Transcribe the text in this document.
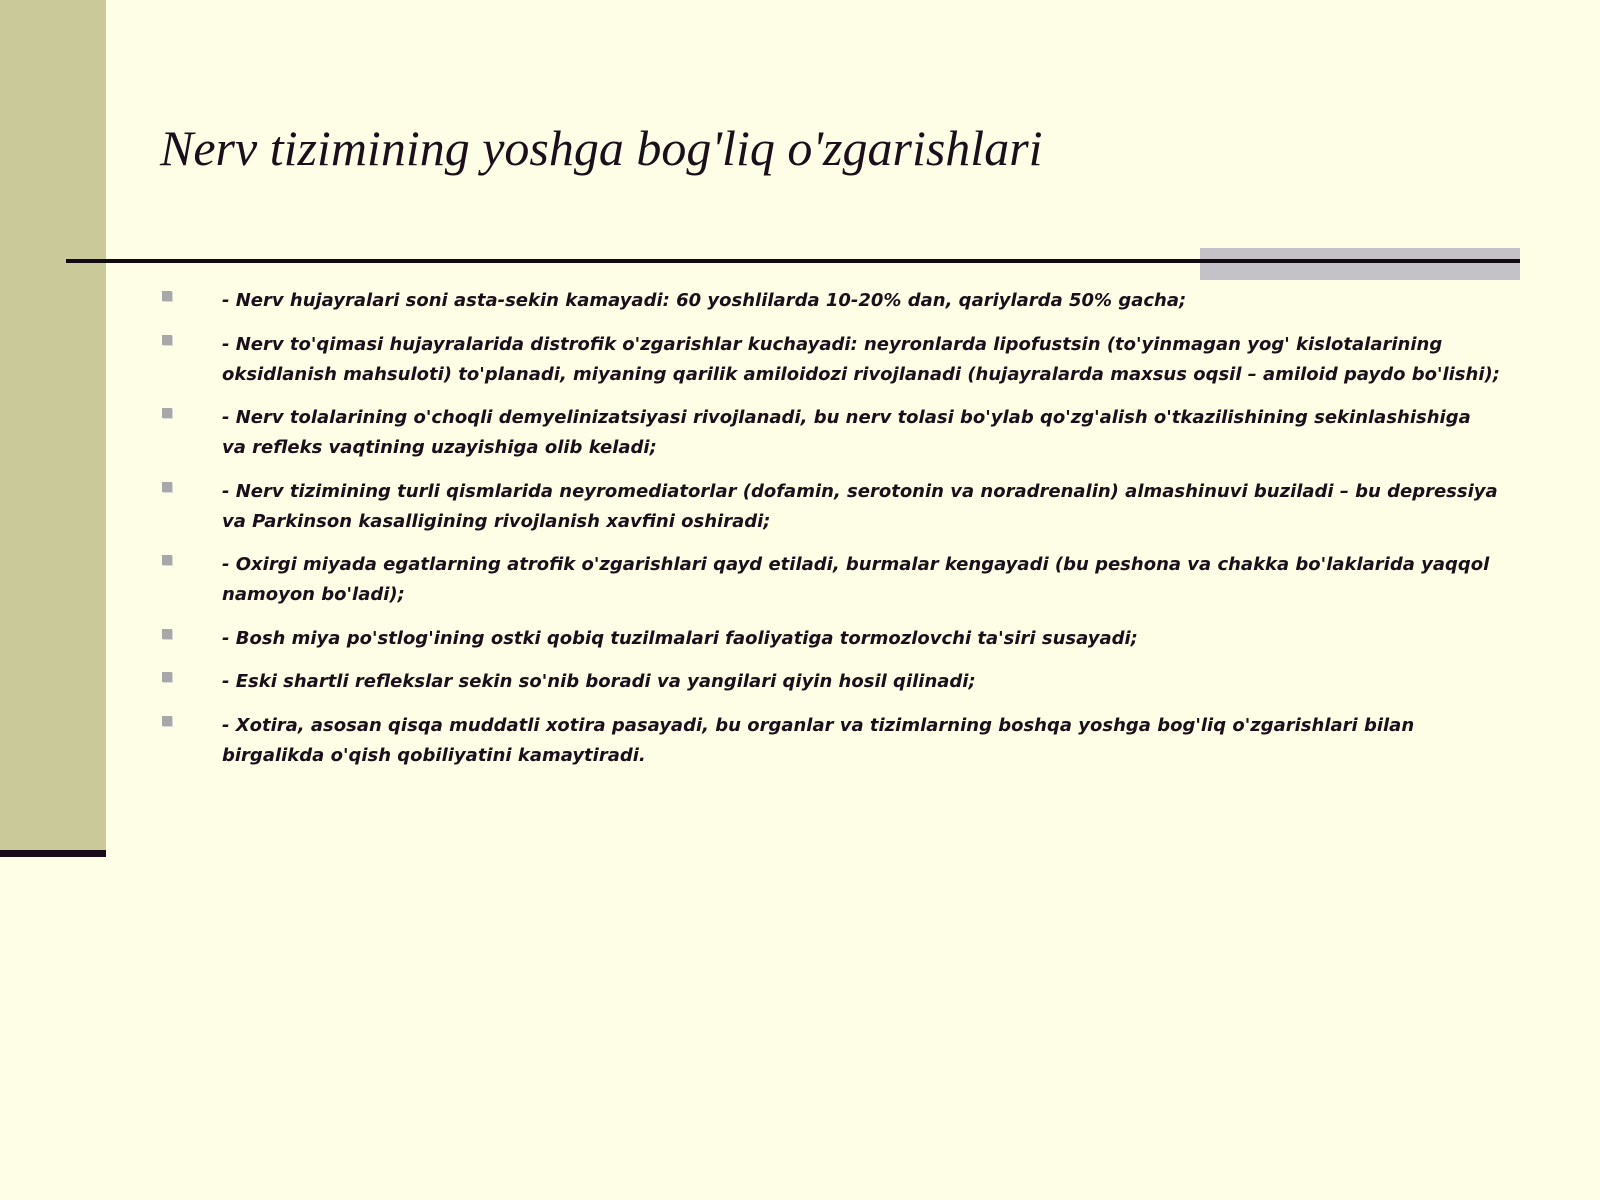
Nerv tizimining yoshga bog'liq o'zgarishlari
- Nerv hujayralari soni asta-sekin kamayadi: 60 yoshlilarda 10-20% dan, qariylarda 50% gacha;
- Nerv to'qimasi hujayralarida distrofik o'zgarishlar kuchayadi: neyronlarda lipofustsin (to'yinmagan yog' kislotalarining oksidlanish mahsuloti) to'planadi, miyaning qarilik amiloidozi rivojlanadi (hujayralarda maxsus oqsil – amiloid paydo bo'lishi);
- Nerv tolalarining o'choqli demyelinizatsiyasi rivojlanadi, bu nerv tolasi bo'ylab qo'zg'alish o'tkazilishining sekinlashishiga va refleks vaqtining uzayishiga olib keladi;
- Nerv tizimining turli qismlarida neyromediatorlar (dofamin, serotonin va noradrenalin) almashinuvi buziladi – bu depressiya va Parkinson kasalligining rivojlanish xavfini oshiradi;
- Oxirgi miyada egatlarning atrofik o'zgarishlari qayd etiladi, burmalar kengayadi (bu peshona va chakka bo'laklarida yaqqol namoyon bo'ladi);
- Bosh miya po'stlog'ining ostki qobiq tuzilmalari faoliyatiga tormozlovchi ta'siri susayadi;
- Eski shartli reflekslar sekin so'nib boradi va yangilari qiyin hosil qilinadi;
- Xotira, asosan qisqa muddatli xotira pasayadi, bu organlar va tizimlarning boshqa yoshga bog'liq o'zgarishlari bilan birgalikda o'qish qobiliyatini kamaytiradi.
